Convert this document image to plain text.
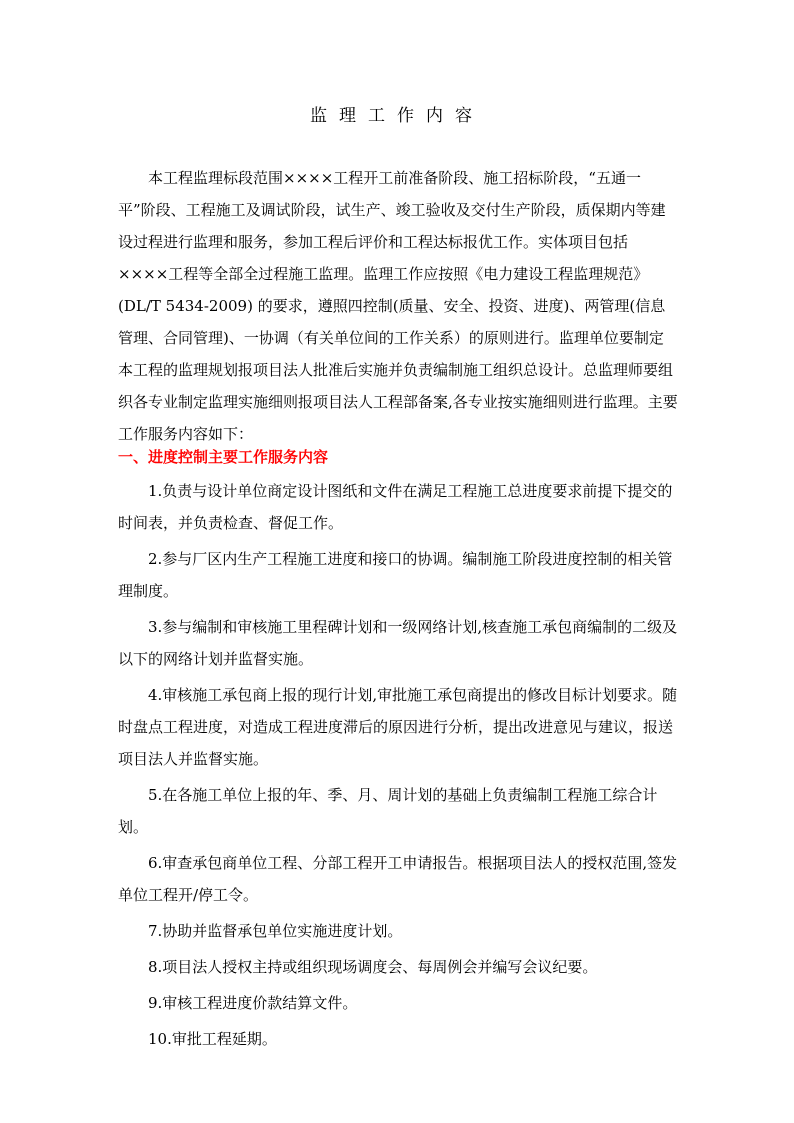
监理工作内容

本工程监理标段范围××××工程开工前准备阶段、施工招标阶段，“五通一平”阶段、工程施工及调试阶段，试生产、竣工验收及交付生产阶段，质保期内等建设过程进行监理和服务，参加工程后评价和工程达标报优工作。实体项目包括××××工程等全部全过程施工监理。监理工作应按照《电力建设工程监理规范》(DL/T 5434-2009) 的要求，遵照四控制(质量、安全、投资、进度)、两管理(信息管理、合同管理)、一协调（有关单位间的工作关系）的原则进行。监理单位要制定本工程的监理规划报项目法人批准后实施并负责编制施工组织总设计。总监理师要组织各专业制定监理实施细则报项目法人工程部备案,各专业按实施细则进行监理。主要工作服务内容如下：

一、进度控制主要工作服务内容

1.负责与设计单位商定设计图纸和文件在满足工程施工总进度要求前提下提交的时间表，并负责检查、督促工作。

2.参与厂区内生产工程施工进度和接口的协调。编制施工阶段进度控制的相关管理制度。

3.参与编制和审核施工里程碑计划和一级网络计划,核查施工承包商编制的二级及以下的网络计划并监督实施。

4.审核施工承包商上报的现行计划,审批施工承包商提出的修改目标计划要求。随时盘点工程进度，对造成工程进度滞后的原因进行分析，提出改进意见与建议，报送项目法人并监督实施。

5.在各施工单位上报的年、季、月、周计划的基础上负责编制工程施工综合计划。

6.审查承包商单位工程、分部工程开工申请报告。根据项目法人的授权范围,签发单位工程开/停工令。

7.协助并监督承包单位实施进度计划。

8.项目法人授权主持或组织现场调度会、每周例会并编写会议纪要。

9.审核工程进度价款结算文件。

10.审批工程延期。
